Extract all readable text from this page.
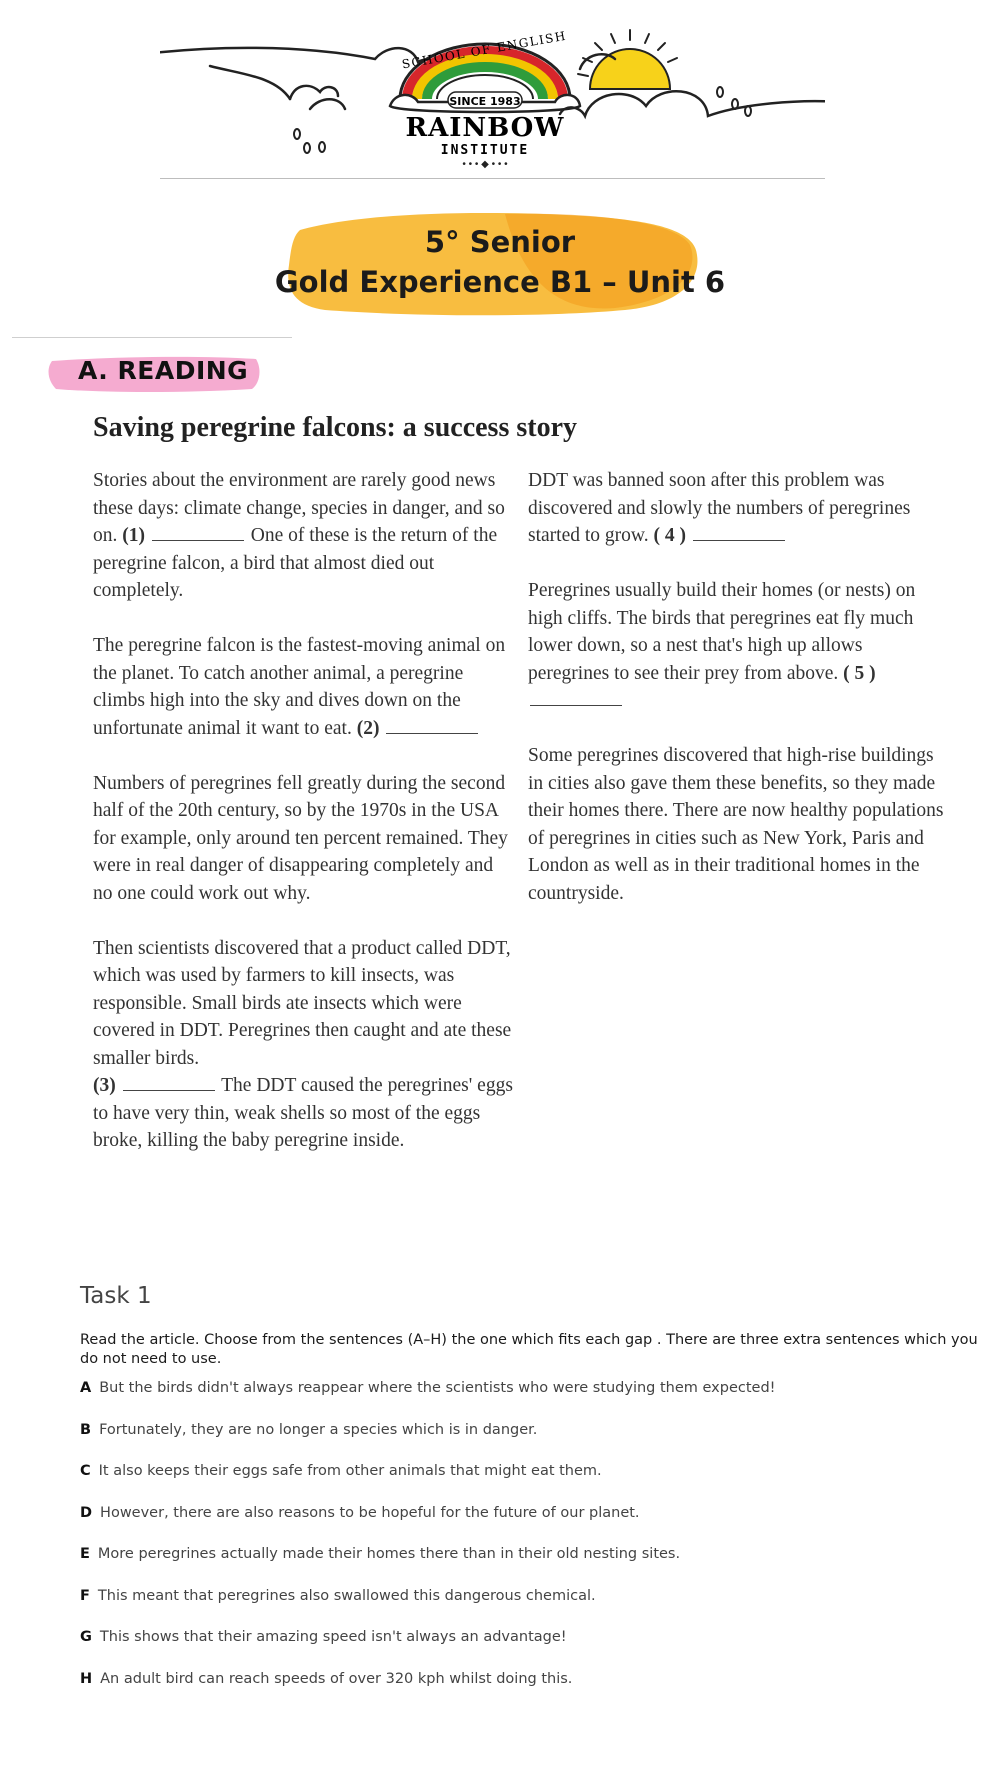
SCHOOL OF ENGLISH
SINCE 1983
RAINBOW
INSTITUTE
• • • ◆ • • •
5° Senior
Gold Experience B1 – Unit 6
A. READING
Saving peregrine falcons: a success story

Stories about the environment are rarely good news these days: climate change, species in danger, and so on. (1)	One of these is the return of the peregrine falcon, a bird that almost died out completely.

The peregrine falcon is the fastest-moving animal on the planet. To catch another animal, a peregrine climbs high into the sky and dives down on the unfortunate animal it want to eat. (2)

Numbers of peregrines fell greatly during the second half of the 20th century, so by the 1970s in the USA for example, only around ten percent remained. They were in real danger of disappearing completely and no one could work out why.

Then scientists discovered that a product called DDT, which was used by farmers to kill insects, was responsible. Small birds ate insects which were covered in DDT. Peregrines then caught and ate these smaller birds.
(3)	The DDT caused the peregrines' eggs to have very thin, weak shells so most of the eggs broke, killing the baby peregrine inside.

DDT was banned soon after this problem was discovered and slowly the numbers of peregrines started to grow. ( 4 )

Peregrines usually build their homes (or nests) on high cliffs. The birds that peregrines eat fly much lower down, so a nest that's high up allows peregrines to see their prey from above. ( 5 )

Some peregrines discovered that high-rise buildings in cities also gave them these benefits, so they made their homes there. There are now healthy populations of peregrines in cities such as New York, Paris and London as well as in their traditional homes in the countryside.

Task 1
Read the article. Choose from the sentences (A–H) the one which fits each gap . There are three extra sentences which you do not need to use.
A But the birds didn't always reappear where the scientists who were studying them expected!
B Fortunately, they are no longer a species which is in danger.
C It also keeps their eggs safe from other animals that might eat them.
D However, there are also reasons to be hopeful for the future of our planet.
E More peregrines actually made their homes there than in their old nesting sites.
F This meant that peregrines also swallowed this dangerous chemical.
G This shows that their amazing speed isn't always an advantage!
H An adult bird can reach speeds of over 320 kph whilst doing this.
